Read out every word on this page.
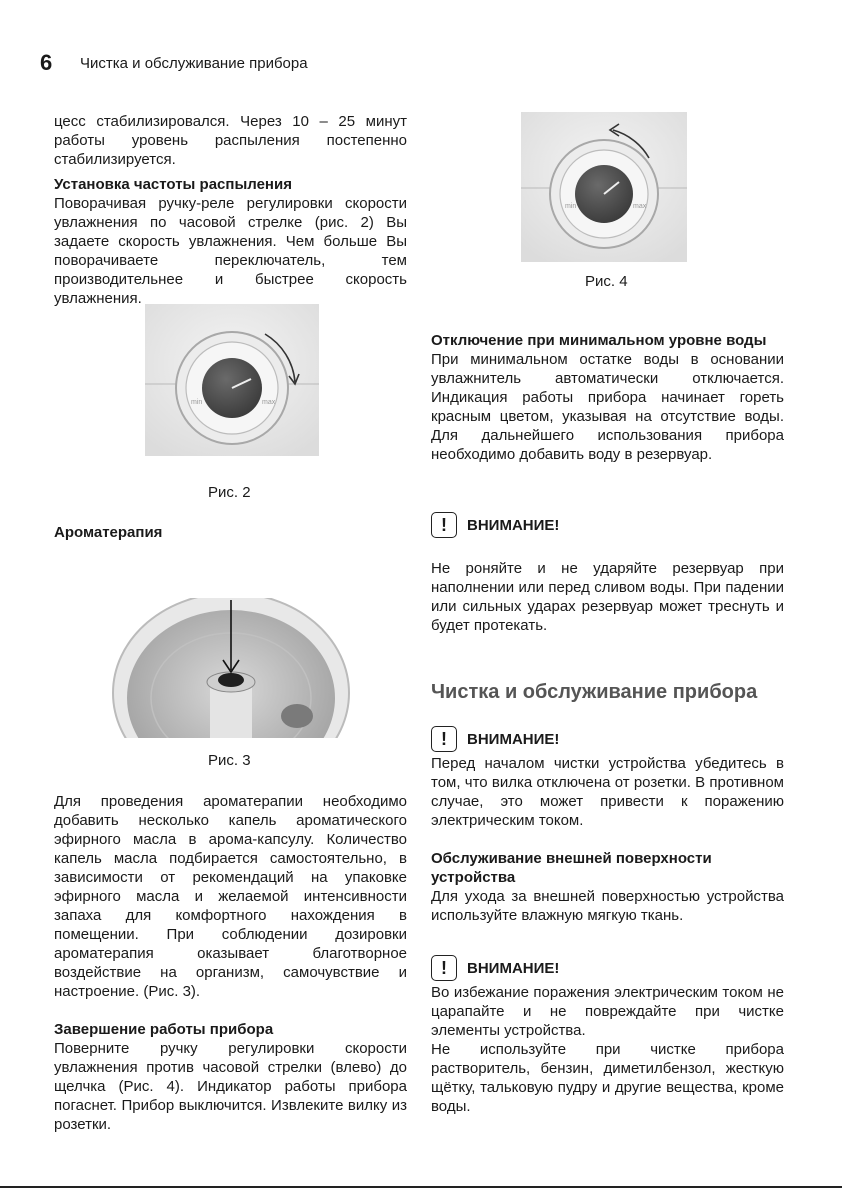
6 Чистка и обслуживание прибора

цесс стабилизировался. Через 10 – 25 минут работы уровень распыления постепенно стабилизируется.

Установка частоты распыления

Поворачивая ручку-реле регулировки скорости увлажнения по часовой стрелке (рис. 2) Вы задаете скорость увлажнения. Чем больше Вы поворачиваете переключатель, тем производительнее и быстрее скорость увлажнения.

min	max
Рис. 2
Ароматерапия
Рис. 3

Для проведения ароматерапии необходимо добавить несколько капель ароматического эфирного масла в арома-капсулу. Количество капель масла подбирается самостоятельно, в зависимости от рекомендаций на упаковке эфирного масла и желаемой интенсивности запаха для комфортного нахождения в помещении. При соблюдении дозировки ароматерапия оказывает благотворное воздействие на организм, самочувствие и настроение. (Рис. 3).

Завершение работы прибора

Поверните ручку регулировки скорости увлажнения против часовой стрелки (влево) до щелчка (Рис. 4). Индикатор работы прибора погаснет. Прибор выключится. Извлеките вилку из розетки.

min	max
Рис. 4
Отключение при минимальном уровне воды

При минимальном остатке воды в основании увлажнитель автоматически отключается. Индикация работы прибора начинает гореть красным цветом, указывая на отсутствие воды. Для дальнейшего использования прибора необходимо добавить воду в резервуар.

!	ВНИМАНИЕ!

Не роняйте и не ударяйте резервуар при наполнении или перед сливом воды. При падении или сильных ударах резервуар может треснуть и будет протекать.

Чистка и обслуживание прибора
!	ВНИМАНИЕ!

Перед началом чистки устройства убедитесь в том, что вилка отключена от розетки. В противном случае, это может привести к поражению электрическим током.

Обслуживание внешней поверхности устройства

Для ухода за внешней поверхностью устройства используйте влажную мягкую ткань.

!	ВНИМАНИЕ!

Во избежание поражения электрическим током не царапайте и не повреждайте при чистке элементы устройства.

Не используйте при чистке прибора растворитель, бензин, диметилбензол, жесткую щётку, тальковую пудру и другие вещества, кроме воды.
